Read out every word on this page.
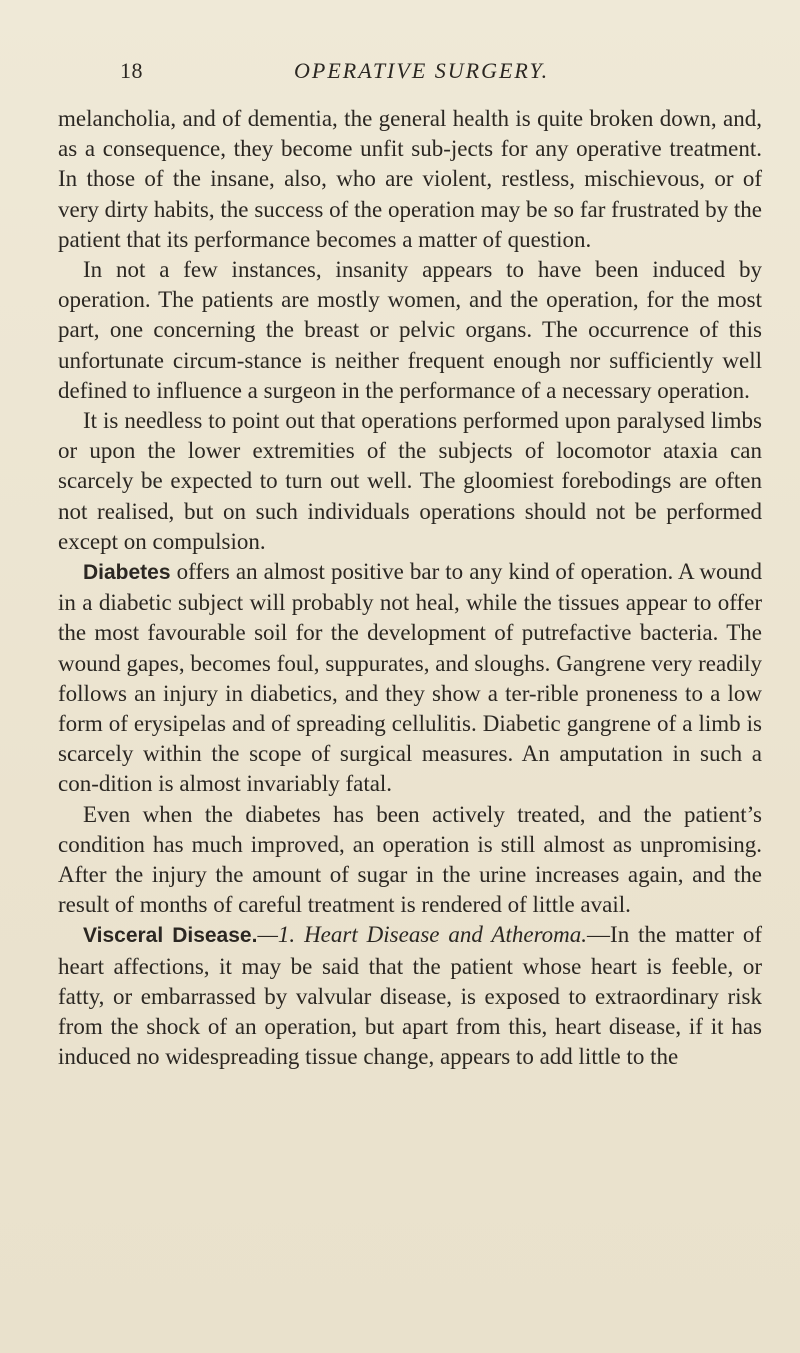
18	OPERATIVE SURGERY.

melancholia, and of dementia, the general health is quite broken down, and, as a consequence, they become unfit sub-jects for any operative treatment. In those of the insane, also, who are violent, restless, mischievous, or of very dirty habits, the success of the operation may be so far frustrated by the patient that its performance becomes a matter of question.

In not a few instances, insanity appears to have been induced by operation. The patients are mostly women, and the operation, for the most part, one concerning the breast or pelvic organs. The occurrence of this unfortunate circum-stance is neither frequent enough nor sufficiently well defined to influence a surgeon in the performance of a necessary operation.

It is needless to point out that operations performed upon paralysed limbs or upon the lower extremities of the subjects of locomotor ataxia can scarcely be expected to turn out well. The gloomiest forebodings are often not realised, but on such individuals operations should not be performed except on compulsion.

Diabetes offers an almost positive bar to any kind of operation. A wound in a diabetic subject will probably not heal, while the tissues appear to offer the most favourable soil for the development of putrefactive bacteria. The wound gapes, becomes foul, suppurates, and sloughs. Gangrene very readily follows an injury in diabetics, and they show a ter-rible proneness to a low form of erysipelas and of spreading cellulitis. Diabetic gangrene of a limb is scarcely within the scope of surgical measures. An amputation in such a con-dition is almost invariably fatal.

Even when the diabetes has been actively treated, and the patient’s condition has much improved, an operation is still almost as unpromising. After the injury the amount of sugar in the urine increases again, and the result of months of careful treatment is rendered of little avail.

Visceral Disease.—1. Heart Disease and Atheroma.—In the matter of heart affections, it may be said that the patient whose heart is feeble, or fatty, or embarrassed by valvular disease, is exposed to extraordinary risk from the shock of an operation, but apart from this, heart disease, if it has induced no widespreading tissue change, appears to add little to the
